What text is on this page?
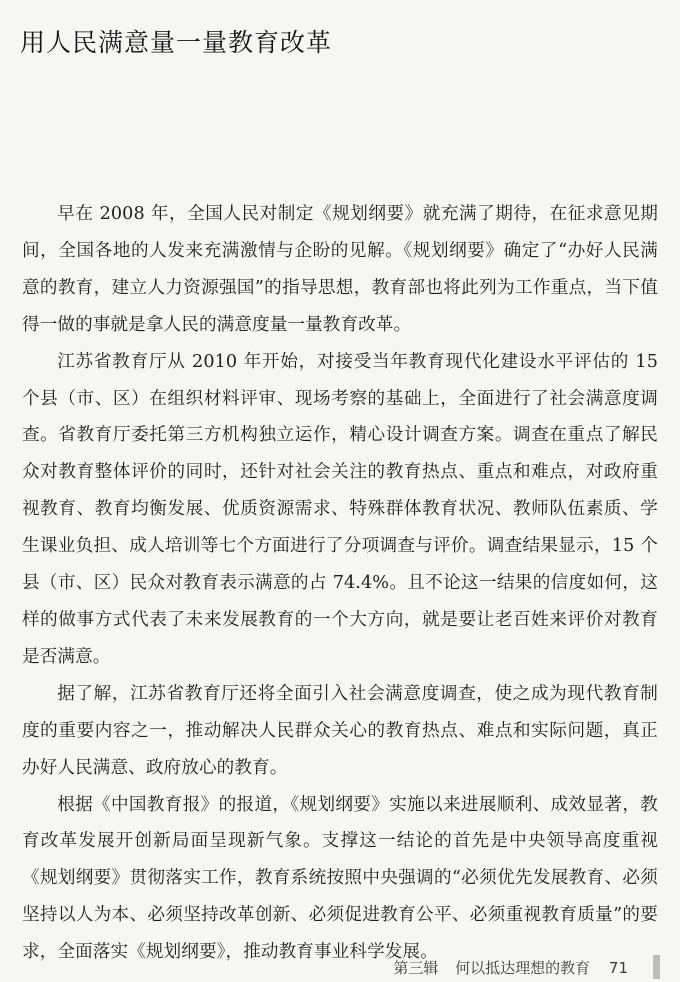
用人民满意量一量教育改革

早在 2008 年，全国人民对制定《规划纲要》就充满了期待，在征求意见期间，全国各地的人发来充满激情与企盼的见解。《规划纲要》确定了“办好人民满意的教育，建立人力资源强国”的指导思想，教育部也将此列为工作重点，当下值得一做的事就是拿人民的满意度量一量教育改革。

江苏省教育厅从 2010 年开始，对接受当年教育现代化建设水平评估的 15 个县（市、区）在组织材料评审、现场考察的基础上，全面进行了社会满意度调查。省教育厅委托第三方机构独立运作，精心设计调查方案。调查在重点了解民众对教育整体评价的同时，还针对社会关注的教育热点、重点和难点，对政府重视教育、教育均衡发展、优质资源需求、特殊群体教育状况、教师队伍素质、学生课业负担、成人培训等七个方面进行了分项调查与评价。调查结果显示，15 个县（市、区）民众对教育表示满意的占 74.4%。且不论这一结果的信度如何，这样的做事方式代表了未来发展教育的一个大方向，就是要让老百姓来评价对教育是否满意。

据了解，江苏省教育厅还将全面引入社会满意度调查，使之成为现代教育制度的重要内容之一，推动解决人民群众关心的教育热点、难点和实际问题，真正办好人民满意、政府放心的教育。

根据《中国教育报》的报道，《规划纲要》实施以来进展顺利、成效显著，教育改革发展开创新局面呈现新气象。支撑这一结论的首先是中央领导高度重视《规划纲要》贯彻落实工作，教育系统按照中央强调的“必须优先发展教育、必须坚持以人为本、必须坚持改革创新、必须促进教育公平、必须重视教育质量”的要求，全面落实《规划纲要》，推动教育事业科学发展。

第三辑 何以抵达理想的教育 71
